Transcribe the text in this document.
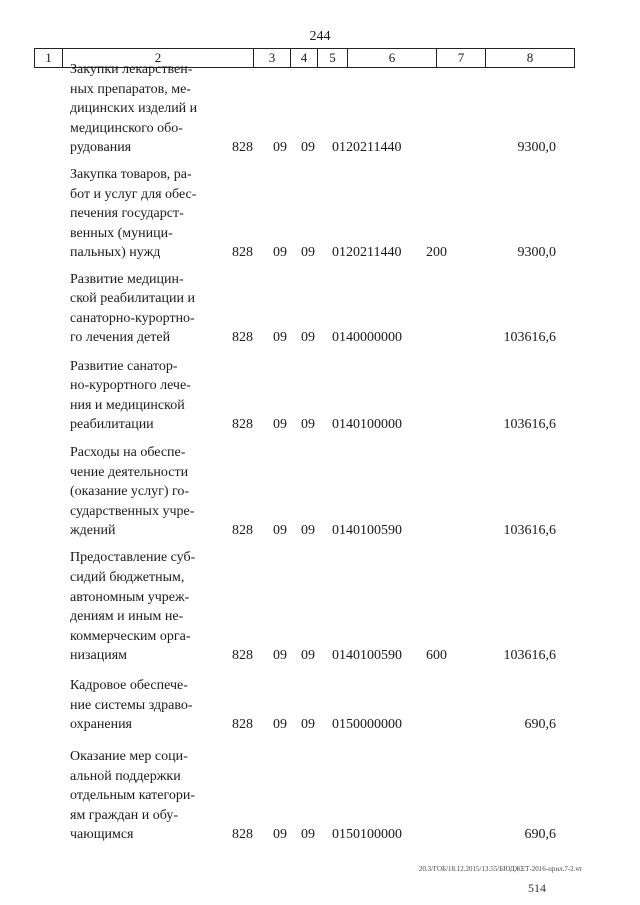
244
1	2	3	4	5	6	7	8
Закупки лекарствен-
ных препаратов, ме-
дицинских изделий и
медицинского обо-
рудования	828 09 09 0120211440	9300,0
Закупка товаров, ра-
бот и услуг для обес-
печения государст-
венных (муници-
пальных) нужд	828 09 09 0120211440 200	9300,0
Развитие медицин-
ской реабилитации и
санаторно-курортно-
го лечения детей	828 09 09 0140000000	103616,6
Развитие санатор-
но-курортного лече-
ния и медицинской
реабилитации	828 09 09 0140100000	103616,6
Расходы на обеспе-
чение деятельности
(оказание услуг) го-
сударственных учре-
ждений	828 09 09 0140100590	103616,6
Предоставление суб-
сидий бюджетным,
автономным учреж-
дениям и иным не-
коммерческим орга-
низациям	828 09 09 0140100590 600	103616,6
Кадровое обеспече-
ние системы здраво-
охранения	828 09 09 0150000000	690,6
Оказание мер соци-
альной поддержки
отдельным категори-
ям граждан и обу-
чающимся	828 09 09 0150100000	690,6
20.3/ГОБ/18.12.2015/13.55/БЮДЖЕТ-2016-прил.7-2.чт
514
